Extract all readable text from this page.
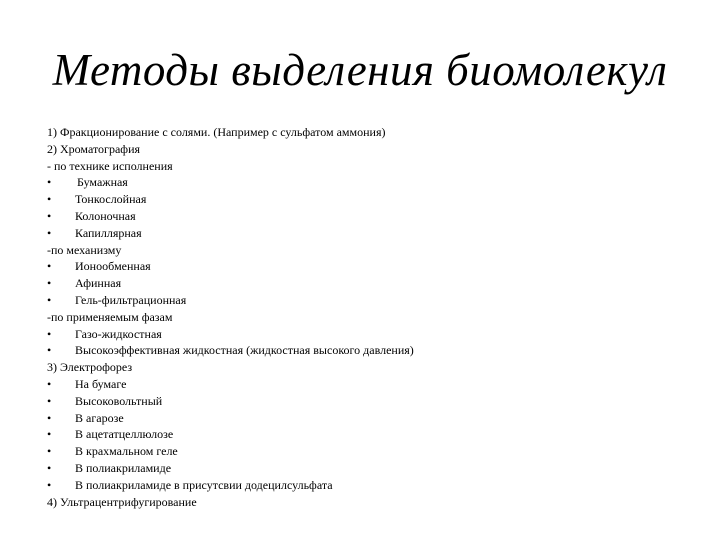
Методы выделения биомолекул
1) Фракционирование с солями. (Например с сульфатом аммония)
2) Хроматография
- по технике исполнения
•	Бумажная
•	Тонкослойная
•	Колоночная
•	Капиллярная
-по механизму
•	Ионообменная
•	Афинная
•	Гель-фильтрационная
-по применяемым фазам
•	Газо-жидкостная
•	Высокоэффективная жидкостная (жидкостная высокого давления)
3) Электрофорез
•	На бумаге
•	Высоковольтный
•	В агарозе
•	В ацетатцеллюлозе
•	В крахмальном геле
•	В полиакриламиде
•	В полиакриламиде в присутсвии додецилсульфата
4) Ультрацентрифугирование
